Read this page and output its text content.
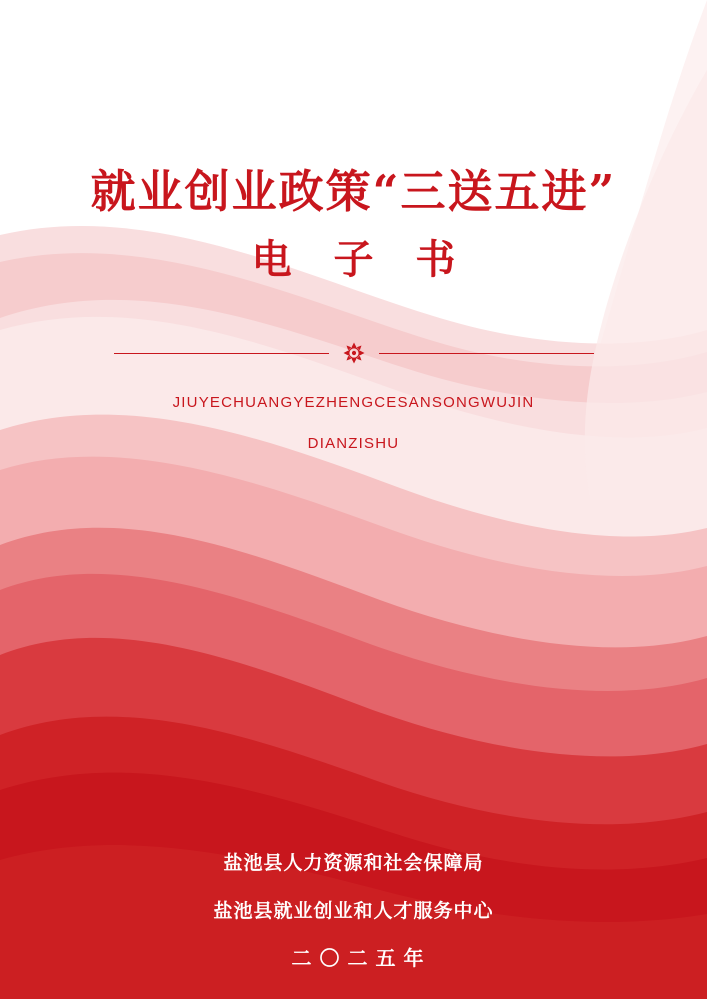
就业创业政策“三送五进”
电 子 书
JIUYECHUANGYEZHENGCESANSONGWUJIN
DIANZISHU
盐池县人力资源和社会保障局
盐池县就业创业和人才服务中心
二〇二五年
